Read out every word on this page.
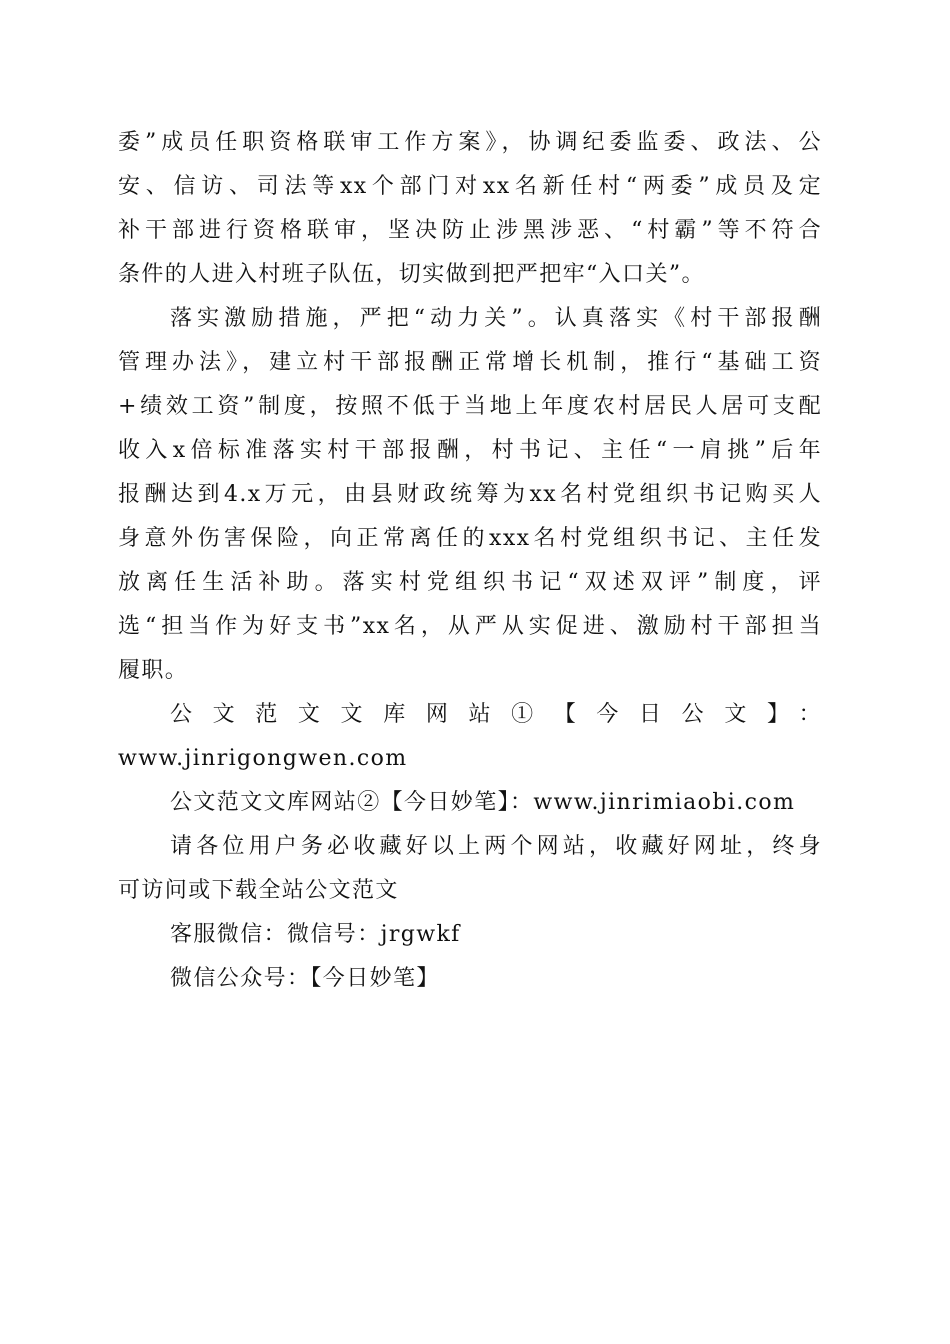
委”成员任职资格联审工作方案》，协调纪委监委、政法、公
安、信访、司法等xx个部门对xx名新任村“两委”成员及定
补干部进行资格联审，坚决防止涉黑涉恶、“村霸”等不符合
条件的人进入村班子队伍，切实做到把严把牢“入口关”。
落实激励措施，严把“动力关”。认真落实《村干部报酬
管理办法》，建立村干部报酬正常增长机制，推行“基础工资
+绩效工资”制度，按照不低于当地上年度农村居民人居可支配
收入x倍标准落实村干部报酬，村书记、主任“一肩挑”后年
报酬达到4.x万元，由县财政统筹为xx名村党组织书记购买人
身意外伤害保险，向正常离任的xxx名村党组织书记、主任发
放离任生活补助。落实村党组织书记“双述双评”制度，评
选“担当作为好支书”xx名，从严从实促进、激励村干部担当
履职。
公文范文文库网站①【今日公文】：
www.jinrigongwen.com
公文范文文库网站②【今日妙笔】：www.jinrimiaobi.com
请各位用户务必收藏好以上两个网站，收藏好网址，终身
可访问或下载全站公文范文
客服微信：微信号：jrgwkf
微信公众号：【今日妙笔】
